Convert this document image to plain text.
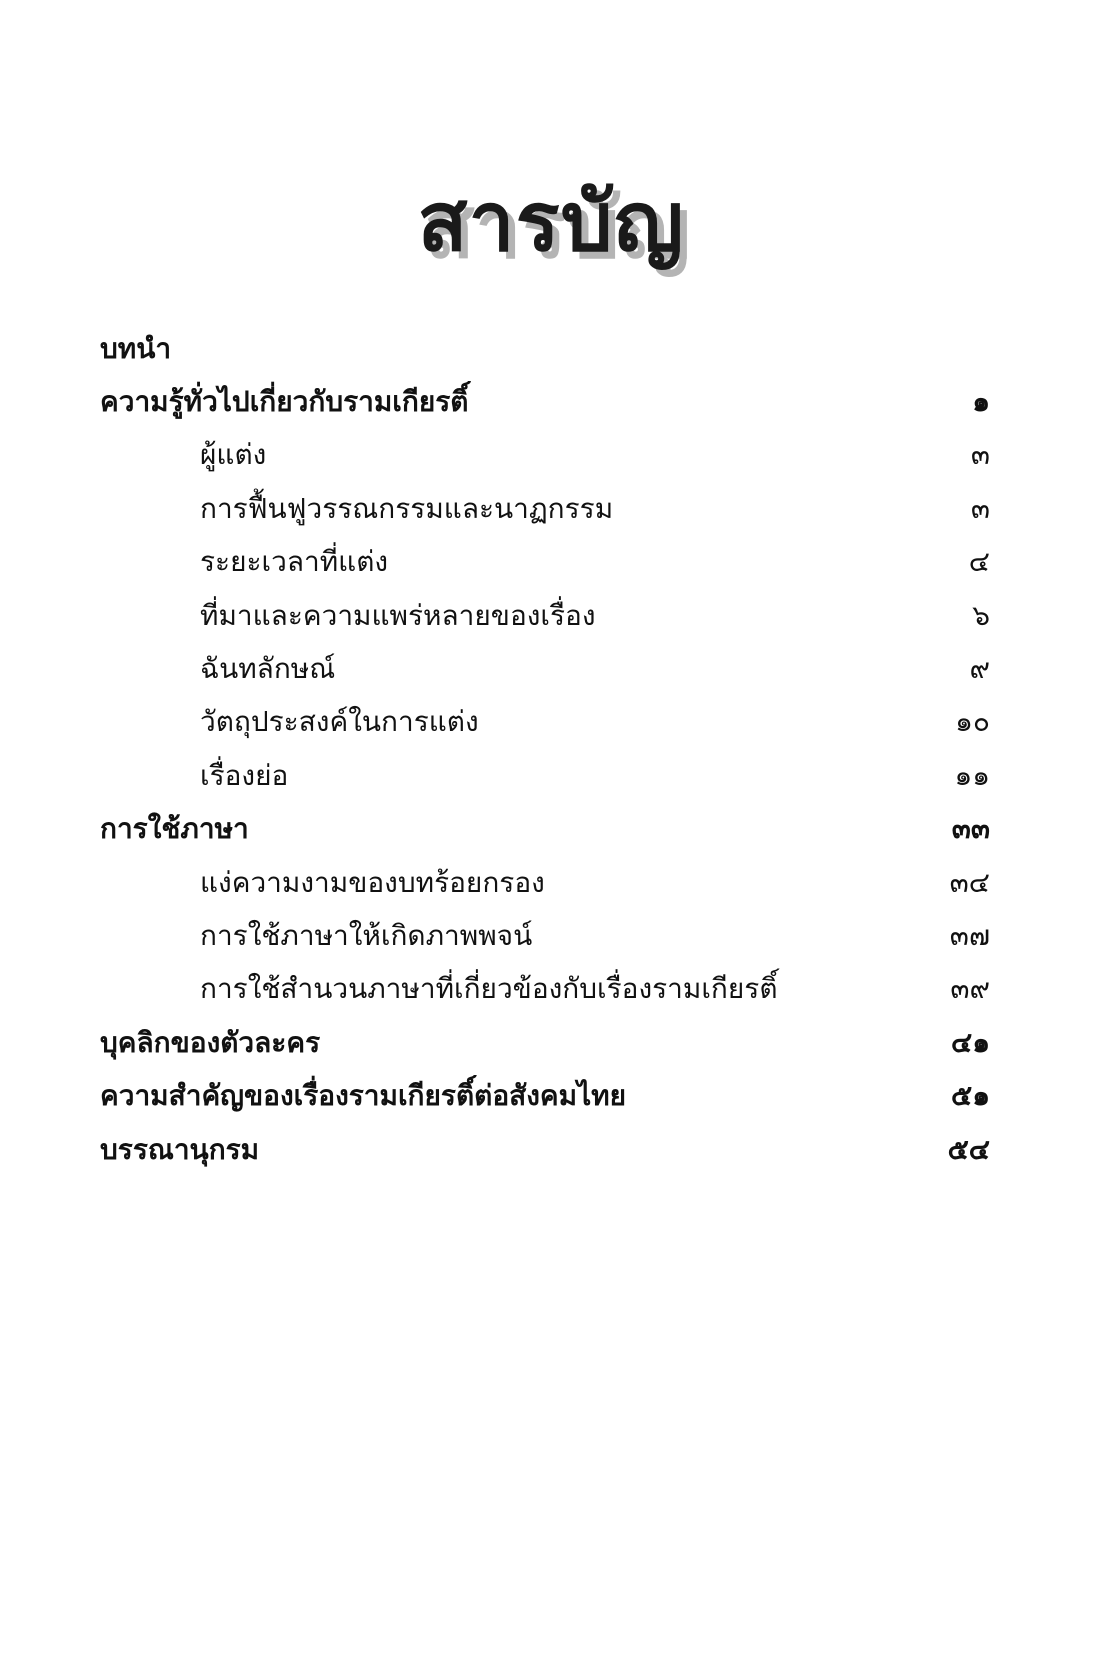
สารบัญ
บทนำ
ความรู้ทั่วไปเกี่ยวกับรามเกียรติ์	๑
ผู้แต่ง	๓
การฟื้นฟูวรรณกรรมและนาฏกรรม	๓
ระยะเวลาที่แต่ง	๔
ที่มาและความแพร่หลายของเรื่อง	๖
ฉันทลักษณ์	๙
วัตถุประสงค์ในการแต่ง	๑๐
เรื่องย่อ	๑๑
การใช้ภาษา	๓๓
แง่ความงามของบทร้อยกรอง	๓๔
การใช้ภาษาให้เกิดภาพพจน์	๓๗
การใช้สำนวนภาษาที่เกี่ยวข้องกับเรื่องรามเกียรติ์	๓๙
บุคลิกของตัวละคร	๔๑
ความสำคัญของเรื่องรามเกียรติ์ต่อสังคมไทย	๕๑
บรรณานุกรม	๕๔
